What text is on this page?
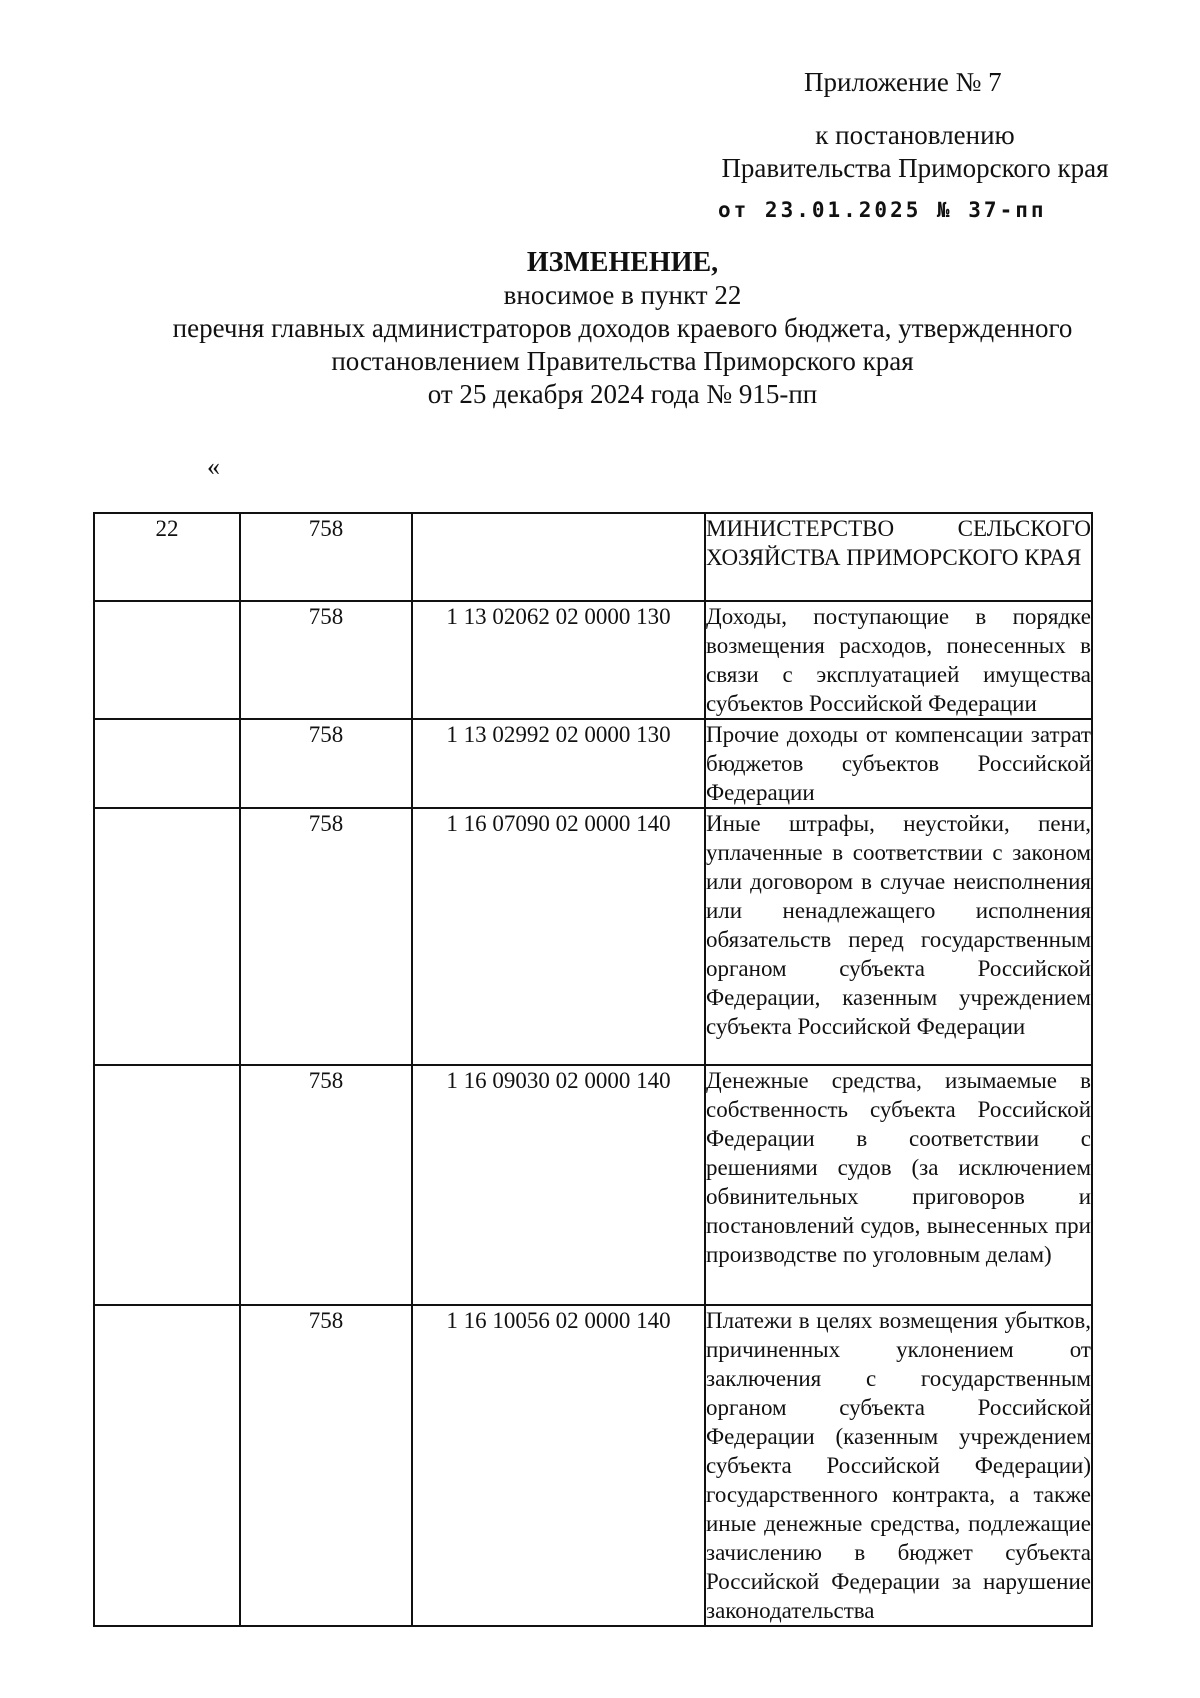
Приложение № 7
к постановлению
Правительства Приморского края
от 23.01.2025 № 37-пп
ИЗМЕНЕНИЕ,
вносимое в пункт 22
перечня главных администраторов доходов краевого бюджета, утвержденного
постановлением Правительства Приморского края
от 25 декабря 2024 года № 915-пп
«
22	758		МИНИСТЕРСТВО СЕЛЬСКОГО ХОЗЯЙСТВА ПРИМОРСКОГО КРАЯ
	758	1 13 02062 02 0000 130	Доходы, поступающие в порядке возмещения расходов, понесенных в связи с эксплуатацией имущества субъектов Российской Федерации
	758	1 13 02992 02 0000 130	Прочие доходы от компенсации затрат бюджетов субъектов Российской Федерации
	758	1 16 07090 02 0000 140	Иные штрафы, неустойки, пени, уплаченные в соответствии с законом или договором в случае неисполнения или ненадлежащего исполнения обязательств перед государственным органом субъекта Российской Федерации, казенным учреждением субъекта Российской Федерации
	758	1 16 09030 02 0000 140	Денежные средства, изымаемые в собственность субъекта Российской Федерации в соответствии с решениями судов (за исключением обвинительных приговоров и постановлений судов, вынесенных при производстве по уголовным делам)
	758	1 16 10056 02 0000 140	Платежи в целях возмещения убытков, причиненных уклонением от заключения с государственным органом субъекта Российской Федерации (казенным учреждением субъекта Российской Федерации) государственного контракта, а также иные денежные средства, подлежащие зачислению в бюджет субъекта Российской Федерации за нарушение законодательства
